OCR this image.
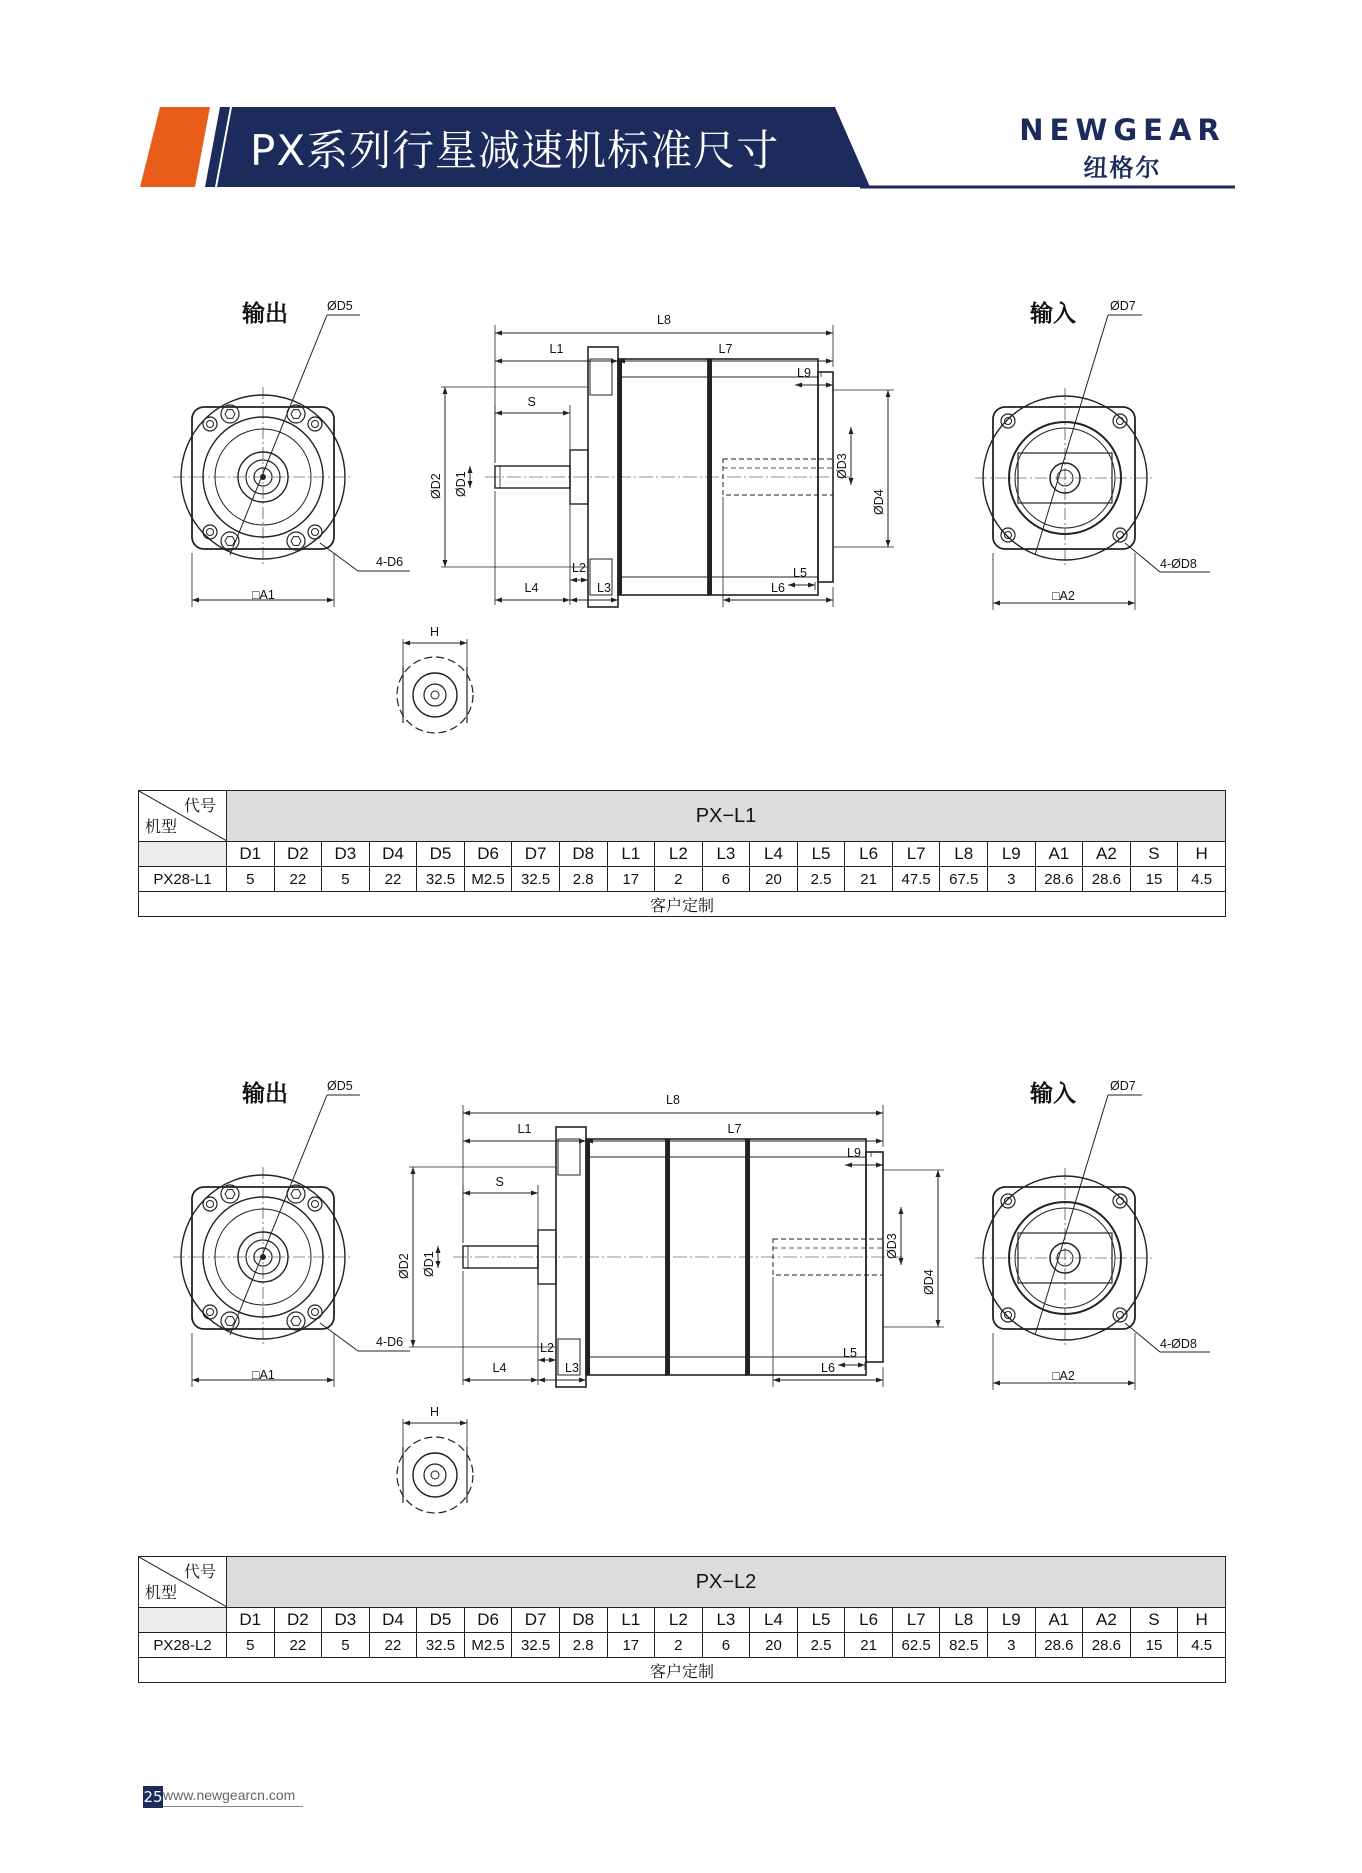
PX系列行星减速机标准尺寸	NEWGEAR
纽格尔
输出	输入
ØD5
4-D6
□A1
ØD7
4-ØD8
□A2
L8
L1	L7
L9
S
ØD2 ØD1
ØD3
ØD4
L4	L3
L2
L6
L5
H
输出	输入
ØD5
4-D6
□A1
ØD7
4-ØD8
□A2
L8
L1	L7
L9
S
ØD2 ØD1
ØD3
ØD4
L4	L3
L2
L6
L5
H
代号
机型	PX−L1																				
	D1	D2	D3	D4	D5	D6	D7	D8	L1	L2	L3	L4	L5	L6	L7	L8	L9	A1	A2	S	H
PX28-L1	5	22	5	22	32.5	M2.5	32.5	2.8	17	2	6	20	2.5	21	47.5	67.5	3	28.6	28.6	15	4.5
客户定制																					
代号
机型	PX−L2																				
	D1	D2	D3	D4	D5	D6	D7	D8	L1	L2	L3	L4	L5	L6	L7	L8	L9	A1	A2	S	H
PX28-L2	5	22	5	22	32.5	M2.5	32.5	2.8	17	2	6	20	2.5	21	62.5	82.5	3	28.6	28.6	15	4.5
客户定制																					
25 www.newgearcn.com
